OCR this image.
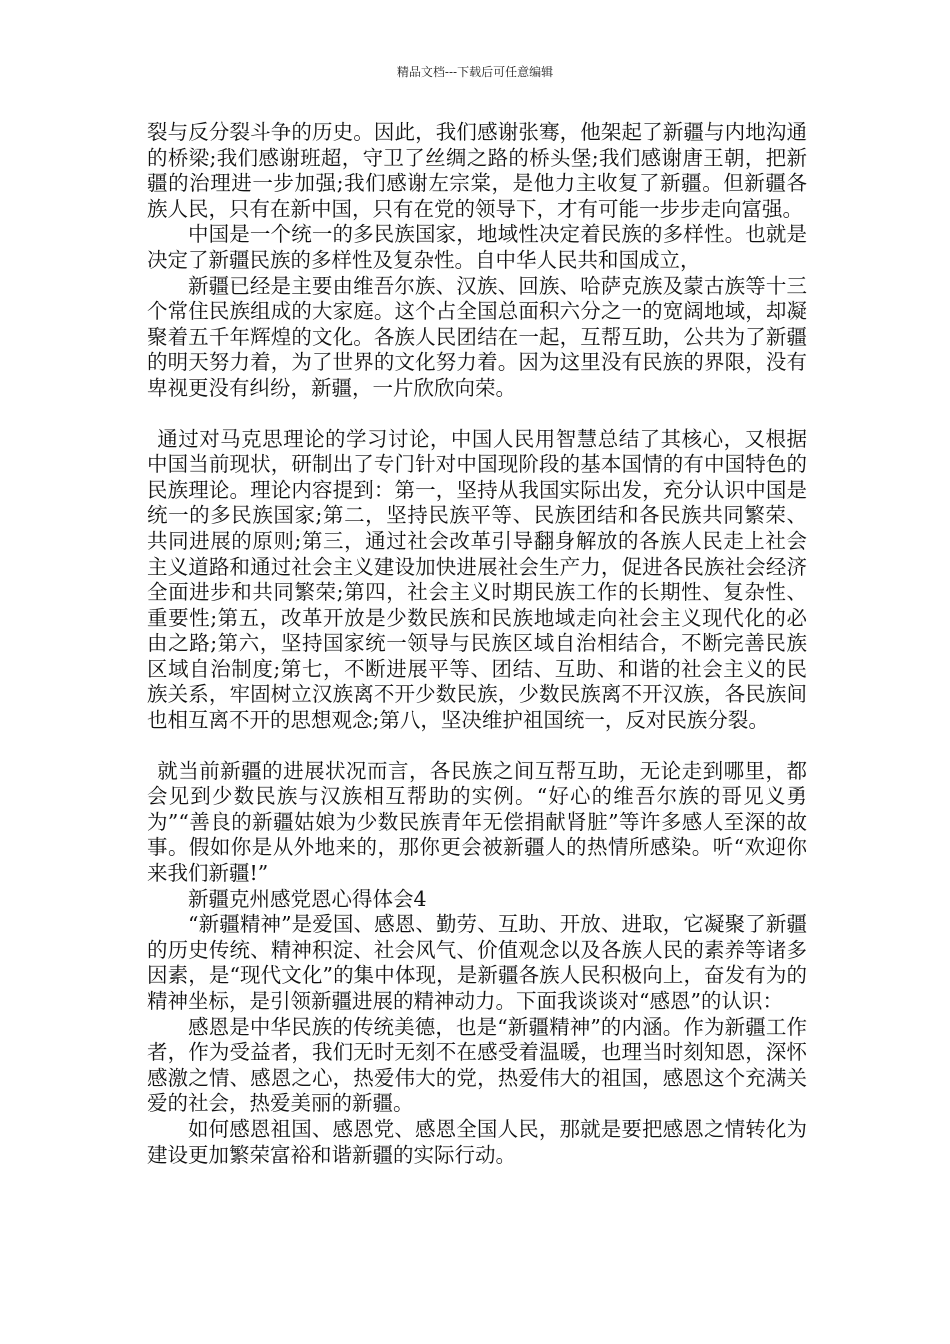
精品文档---下载后可任意编辑

裂与反分裂斗争的历史。因此，我们感谢张骞，他架起了新疆与内地沟通的桥梁;我们感谢班超，守卫了丝绸之路的桥头堡;我们感谢唐王朝，把新疆的治理进一步加强;我们感谢左宗棠，是他力主收复了新疆。但新疆各族人民，只有在新中国，只有在党的领导下，才有可能一步步走向富强。

中国是一个统一的多民族国家，地域性决定着民族的多样性。也就是决定了新疆民族的多样性及复杂性。自中华人民共和国成立，

新疆已经是主要由维吾尔族、汉族、回族、哈萨克族及蒙古族等十三个常住民族组成的大家庭。这个占全国总面积六分之一的宽阔地域，却凝聚着五千年辉煌的文化。各族人民团结在一起，互帮互助，公共为了新疆的明天努力着，为了世界的文化努力着。因为这里没有民族的界限，没有卑视更没有纠纷，新疆，一片欣欣向荣。

通过对马克思理论的学习讨论，中国人民用智慧总结了其核心，又根据中国当前现状，研制出了专门针对中国现阶段的基本国情的有中国特色的民族理论。理论内容提到：第一，坚持从我国实际出发，充分认识中国是统一的多民族国家;第二，坚持民族平等、民族团结和各民族共同繁荣、共同进展的原则;第三，通过社会改革引导翻身解放的各族人民走上社会主义道路和通过社会主义建设加快进展社会生产力，促进各民族社会经济全面进步和共同繁荣;第四，社会主义时期民族工作的长期性、复杂性、重要性;第五，改革开放是少数民族和民族地域走向社会主义现代化的必由之路;第六，坚持国家统一领导与民族区域自治相结合，不断完善民族区域自治制度;第七，不断进展平等、团结、互助、和谐的社会主义的民族关系，牢固树立汉族离不开少数民族，少数民族离不开汉族，各民族间也相互离不开的思想观念;第八，坚决维护祖国统一，反对民族分裂。

就当前新疆的进展状况而言，各民族之间互帮互助，无论走到哪里，都会见到少数民族与汉族相互帮助的实例。“好心的维吾尔族的哥见义勇为”“善良的新疆姑娘为少数民族青年无偿捐献肾脏”等许多感人至深的故事。假如你是从外地来的，那你更会被新疆人的热情所感染。听“欢迎你来我们新疆!”

新疆克州感党恩心得体会4

“新疆精神”是爱国、感恩、勤劳、互助、开放、进取，它凝聚了新疆的历史传统、精神积淀、社会风气、价值观念以及各族人民的素养等诸多因素，是“现代文化”的集中体现，是新疆各族人民积极向上，奋发有为的精神坐标，是引领新疆进展的精神动力。下面我谈谈对“感恩”的认识：

感恩是中华民族的传统美德，也是“新疆精神”的内涵。作为新疆工作者，作为受益者，我们无时无刻不在感受着温暖，也理当时刻知恩，深怀感激之情、感恩之心，热爱伟大的党，热爱伟大的祖国，感恩这个充满关爱的社会，热爱美丽的新疆。

如何感恩祖国、感恩党、感恩全国人民，那就是要把感恩之情转化为建设更加繁荣富裕和谐新疆的实际行动。
